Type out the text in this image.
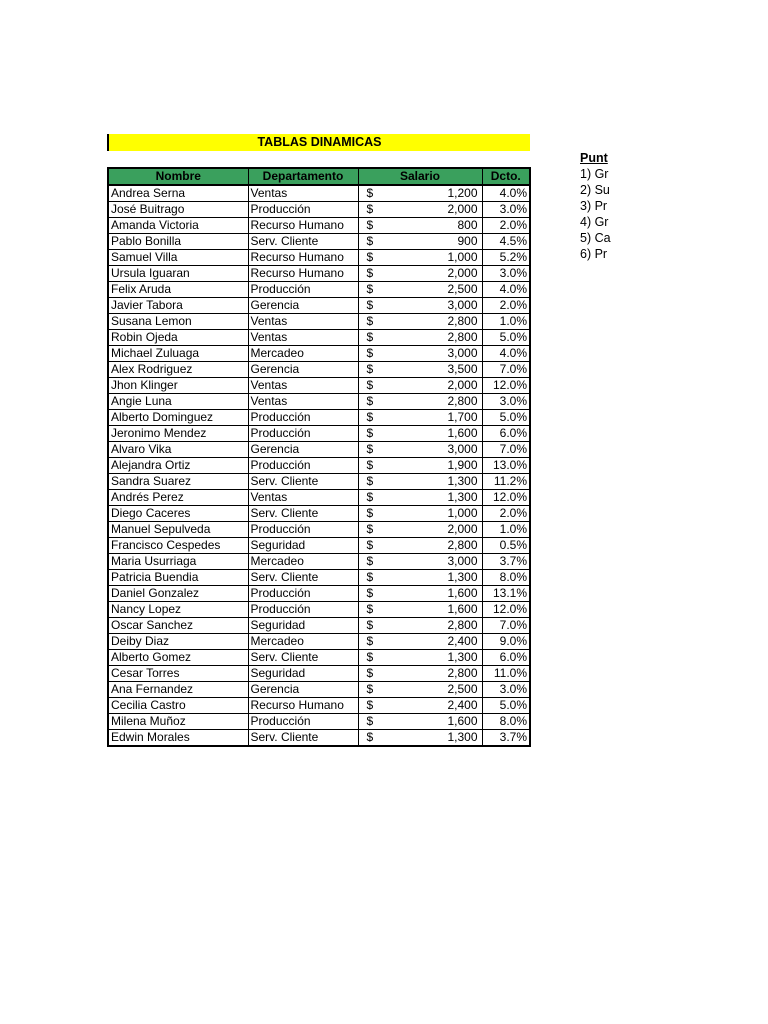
TABLAS DINAMICAS
Nombre	Departamento	Salario	Dcto.
Andrea Serna	Ventas	$ 1,200	4.0%
José Buitrago	Producción	$ 2,000	3.0%
Amanda Victoria	Recurso Humano	$ 800	2.0%
Pablo Bonilla	Serv. Cliente	$ 900	4.5%
Samuel Villa	Recurso Humano	$ 1,000	5.2%
Ursula Iguaran	Recurso Humano	$ 2,000	3.0%
Felix Aruda	Producción	$ 2,500	4.0%
Javier Tabora	Gerencia	$ 3,000	2.0%
Susana Lemon	Ventas	$ 2,800	1.0%
Robin Ojeda	Ventas	$ 2,800	5.0%
Michael Zuluaga	Mercadeo	$ 3,000	4.0%
Alex Rodriguez	Gerencia	$ 3,500	7.0%
Jhon Klinger	Ventas	$ 2,000	12.0%
Angie Luna	Ventas	$ 2,800	3.0%
Alberto Dominguez	Producción	$ 1,700	5.0%
Jeronimo Mendez	Producción	$ 1,600	6.0%
Alvaro Vika	Gerencia	$ 3,000	7.0%
Alejandra Ortiz	Producción	$ 1,900	13.0%
Sandra Suarez	Serv. Cliente	$ 1,300	11.2%
Andrés Perez	Ventas	$ 1,300	12.0%
Diego Caceres	Serv. Cliente	$ 1,000	2.0%
Manuel Sepulveda	Producción	$ 2,000	1.0%
Francisco Cespedes	Seguridad	$ 2,800	0.5%
Maria Usurriaga	Mercadeo	$ 3,000	3.7%
Patricia Buendia	Serv. Cliente	$ 1,300	8.0%
Daniel Gonzalez	Producción	$ 1,600	13.1%
Nancy Lopez	Producción	$ 1,600	12.0%
Oscar Sanchez	Seguridad	$ 2,800	7.0%
Deiby Diaz	Mercadeo	$ 2,400	9.0%
Alberto Gomez	Serv. Cliente	$ 1,300	6.0%
Cesar Torres	Seguridad	$ 2,800	11.0%
Ana Fernandez	Gerencia	$ 2,500	3.0%
Cecilia Castro	Recurso Humano	$ 2,400	5.0%
Milena Muñoz	Producción	$ 1,600	8.0%
Edwin Morales	Serv. Cliente	$ 1,300	3.7%
Punt
1) Gr
2) Su
3) Pr
4) Gr
5) Ca
6) Pr
